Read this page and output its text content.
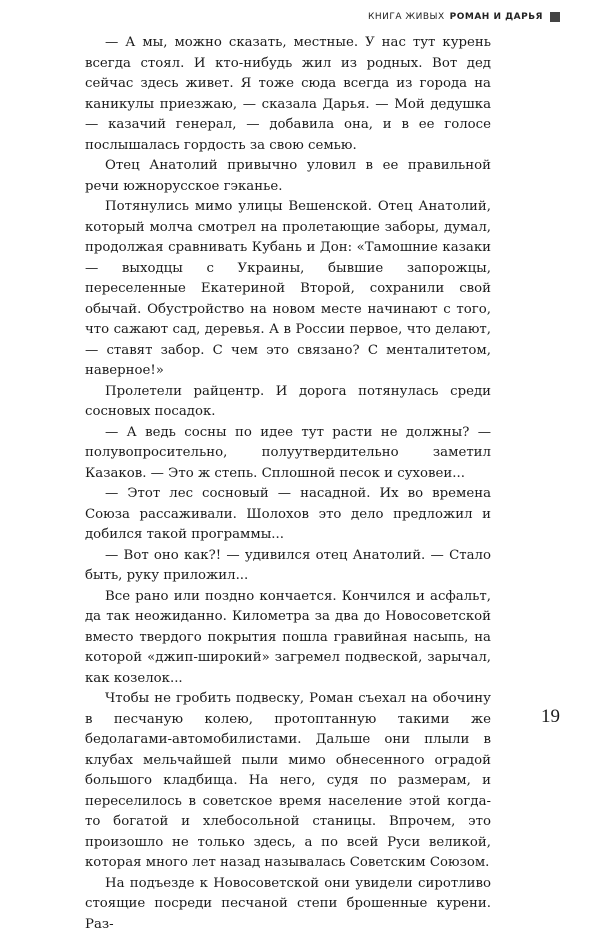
КНИГА ЖИВЫХ РОМАН И ДАРЬЯ

— А мы, можно сказать, местные. У нас тут курень всегда стоял. И кто-нибудь жил из родных. Вот дед сейчас здесь живет. Я тоже сюда всегда из города на каникулы приезжаю, — сказала Дарья. — Мой дедушка — казачий генерал, — добавила она, и в ее голосе послышалась гордость за свою семью.

Отец Анатолий привычно уловил в ее правильной речи южнорусское гэканье.

Потянулись мимо улицы Вешенской. Отец Анатолий, который молча смотрел на пролетающие заборы, думал, продолжая сравнивать Кубань и Дон: «Тамошние казаки — выходцы с Украины, бывшие запорожцы, переселенные Екатериной Второй, сохранили свой обычай. Обустройство на новом месте начинают с того, что сажают сад, деревья. А в России первое, что делают, — ставят забор. С чем это связано? С менталитетом, наверное!»

Пролетели райцентр. И дорога потянулась среди сосновых посадок.

— А ведь сосны по идее тут расти не должны? — полувопросительно, полуутвердительно заметил Казаков. — Это ж степь. Сплошной песок и суховеи...

— Этот лес сосновый — насадной. Их во времена Союза рассаживали. Шолохов это дело предложил и добился такой программы...

— Вот оно как?! — удивился отец Анатолий. — Стало быть, руку приложил...

Все рано или поздно кончается. Кончился и асфальт, да так неожиданно. Километра за два до Новосоветской вместо твердого покрытия пошла гравийная насыпь, на которой «джип-широкий» загремел подвеской, зарычал, как козелок...

Чтобы не гробить подвеску, Роман съехал на обочину в песчаную колею, протоптанную такими же бедолагами-автомобилистами. Дальше они плыли в клубах мельчайшей пыли мимо обнесенного оградой большого кладбища. На него, судя по размерам, и переселилось в советское время население этой когда-то богатой и хлебосольной станицы. Впрочем, это произошло не только здесь, а по всей Руси великой, которая много лет назад называлась Советским Союзом.

На подъезде к Новосоветской они увидели сиротливо стоящие посреди песчаной степи брошенные курени. Раз-

19
